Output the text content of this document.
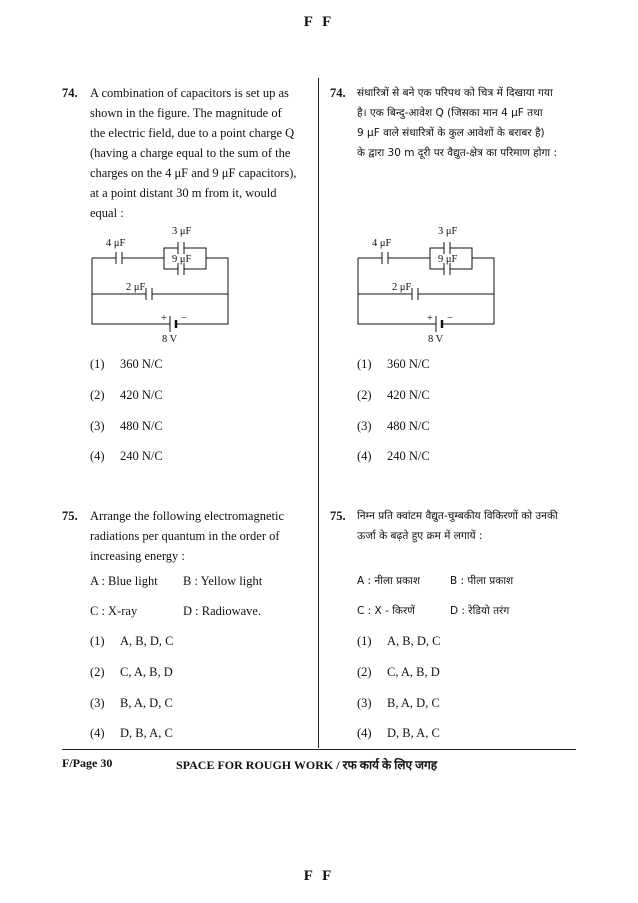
F F
74. A combination of capacitors is set up as
shown in the figure. The magnitude of
the electric field, due to a point charge Q
(having a charge equal to the sum of the
charges on the 4 μF and 9 μF capacitors),
at a point distant 30 m from it, would
equal :
74. संधारित्रों से बने एक परिपथ को चित्र में दिखाया गया
है। एक बिन्दु-आवेश Q (जिसका मान 4 μF तथा
9 μF वाले संधारित्रों के कुल आवेशों के बराबर है)
के द्वारा 30 m दूरी पर वैद्युत-क्षेत्र का परिमाण होगा :
4 μF
3 μF
9 μF
2 μF
+ −
8 V
4 μF
3 μF
9 μF
2 μF
+ −
8 V
(1) 360 N/C
(2) 420 N/C
(3) 480 N/C
(4) 240 N/C
(1) 360 N/C
(2) 420 N/C
(3) 480 N/C
(4) 240 N/C
75. Arrange the following electromagnetic
radiations per quantum in the order of
increasing energy :
A : Blue light B : Yellow light
C : X-ray	D : Radiowave.
75. निम्न प्रति क्वांटम वैद्युत-चुम्बकीय विकिरणों को उनकी
ऊर्जा के बढ़ते हुए क्रम में लगायें :
A : नीला प्रकाश	B : पीला प्रकाश
C : X - किरणें	D : रेडियो तरंग
(1) A, B, D, C
(2) C, A, B, D
(3) B, A, D, C
(4) D, B, A, C
(1) A, B, D, C
(2) C, A, B, D
(3) B, A, D, C
(4) D, B, A, C
F/Page 30	SPACE FOR ROUGH WORK / रफ कार्य के लिए जगह
F F
